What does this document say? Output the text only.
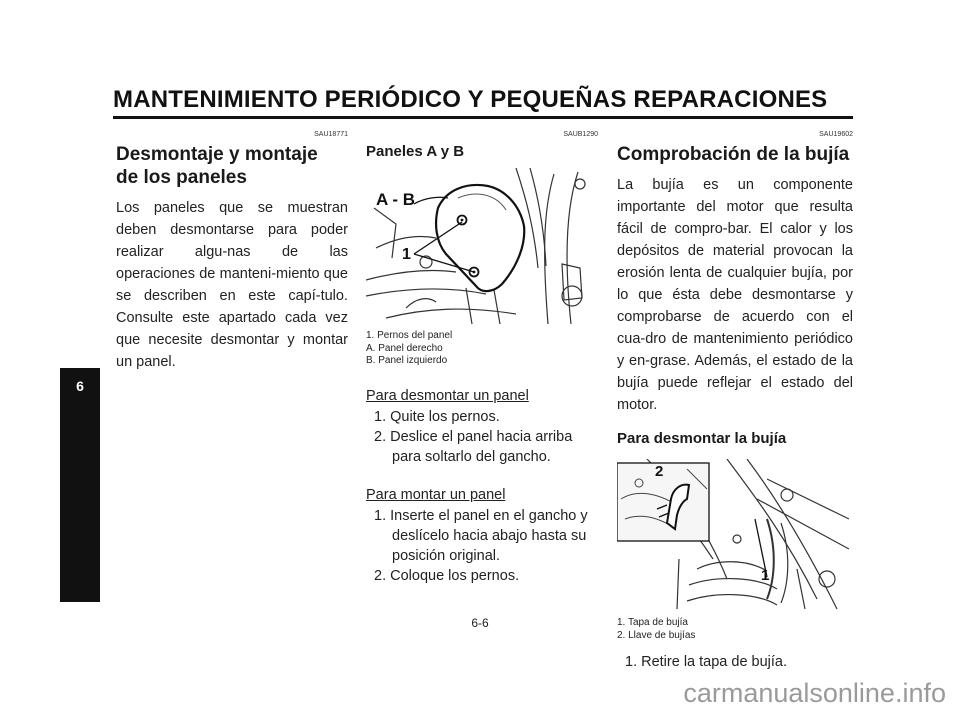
MANTENIMIENTO PERIÓDICO Y PEQUEÑAS REPARACIONES
6
SAU18771
Desmontaje y montaje
de los paneles

Los paneles que se muestran deben desmontarse para poder realizar algu-nas de las operaciones de manteni-miento que se describen en este capí-tulo. Consulte este apartado cada vez que necesite desmontar y montar un panel.

SAUB1290
Paneles A y B
A - B
1
1. Pernos del panel
A. Panel derecho
B. Panel izquierdo
Para desmontar un panel
1. Quite los pernos.
2. Deslice el panel hacia arriba para soltarlo del gancho.
Para montar un panel
1. Inserte el panel en el gancho y deslícelo hacia abajo hasta su posición original.
2. Coloque los pernos.
SAU19602
Comprobación de la bujía

La bujía es un componente importante del motor que resulta fácil de compro-bar. El calor y los depósitos de material provocan la erosión lenta de cualquier bujía, por lo que ésta debe desmontarse y comprobarse de acuerdo con el cua-dro de mantenimiento periódico y en-grase. Además, el estado de la bujía puede reflejar el estado del motor.

Para desmontar la bujía
2
1
1. Tapa de bujía
2. Llave de bujías
1. Retire la tapa de bujía.
6-6
carmanualsonline.info
